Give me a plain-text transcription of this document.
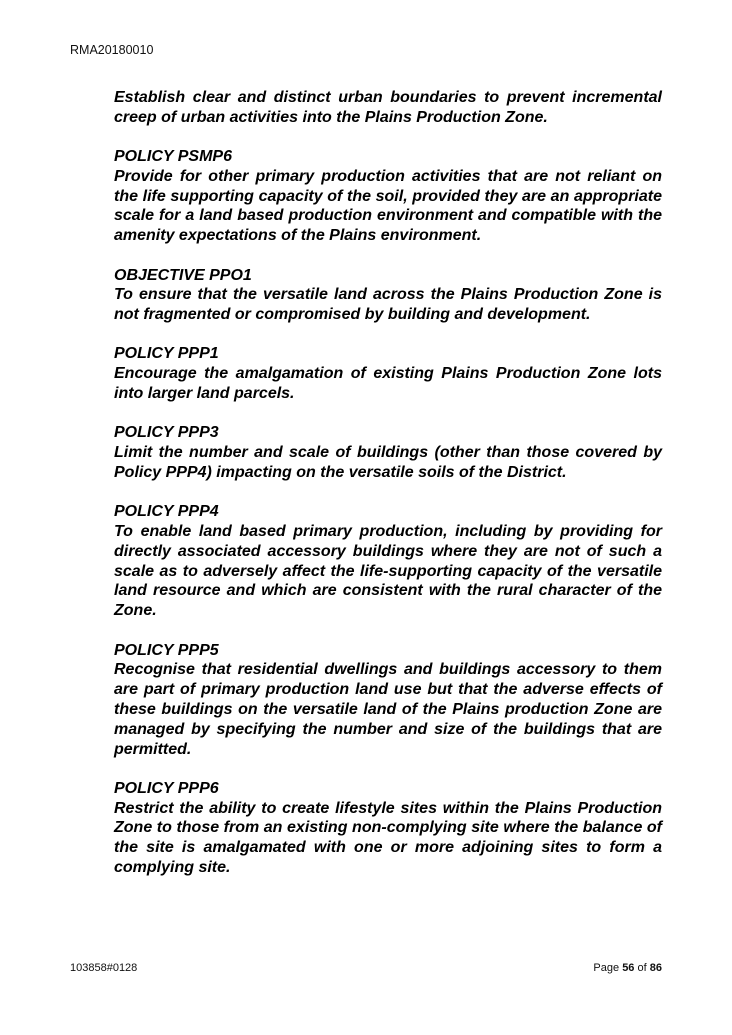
RMA20180010
Establish clear and distinct urban boundaries to prevent incremental creep of urban activities into the Plains Production Zone.
POLICY PSMP6
Provide for other primary production activities that are not reliant on the life supporting capacity of the soil, provided they are an appropriate scale for a land based production environment and compatible with the amenity expectations of the Plains environment.
OBJECTIVE PPO1
To ensure that the versatile land across the Plains Production Zone is not fragmented or compromised by building and development.
POLICY PPP1
Encourage the amalgamation of existing Plains Production Zone lots into larger land parcels.
POLICY PPP3
Limit the number and scale of buildings (other than those covered by Policy PPP4) impacting on the versatile soils of the District.
POLICY PPP4
To enable land based primary production, including by providing for directly associated accessory buildings where they are not of such a scale as to adversely affect the life-supporting capacity of the versatile land resource and which are consistent with the rural character of the Zone.
POLICY PPP5
Recognise that residential dwellings and buildings accessory to them are part of primary production land use but that the adverse effects of these buildings on the versatile land of the Plains production Zone are managed by specifying the number and size of the buildings that are permitted.
POLICY PPP6
Restrict the ability to create lifestyle sites within the Plains Production Zone to those from an existing non-complying site where the balance of the site is amalgamated with one or more adjoining sites to form a complying site.
103858#0128	Page 56 of 86
